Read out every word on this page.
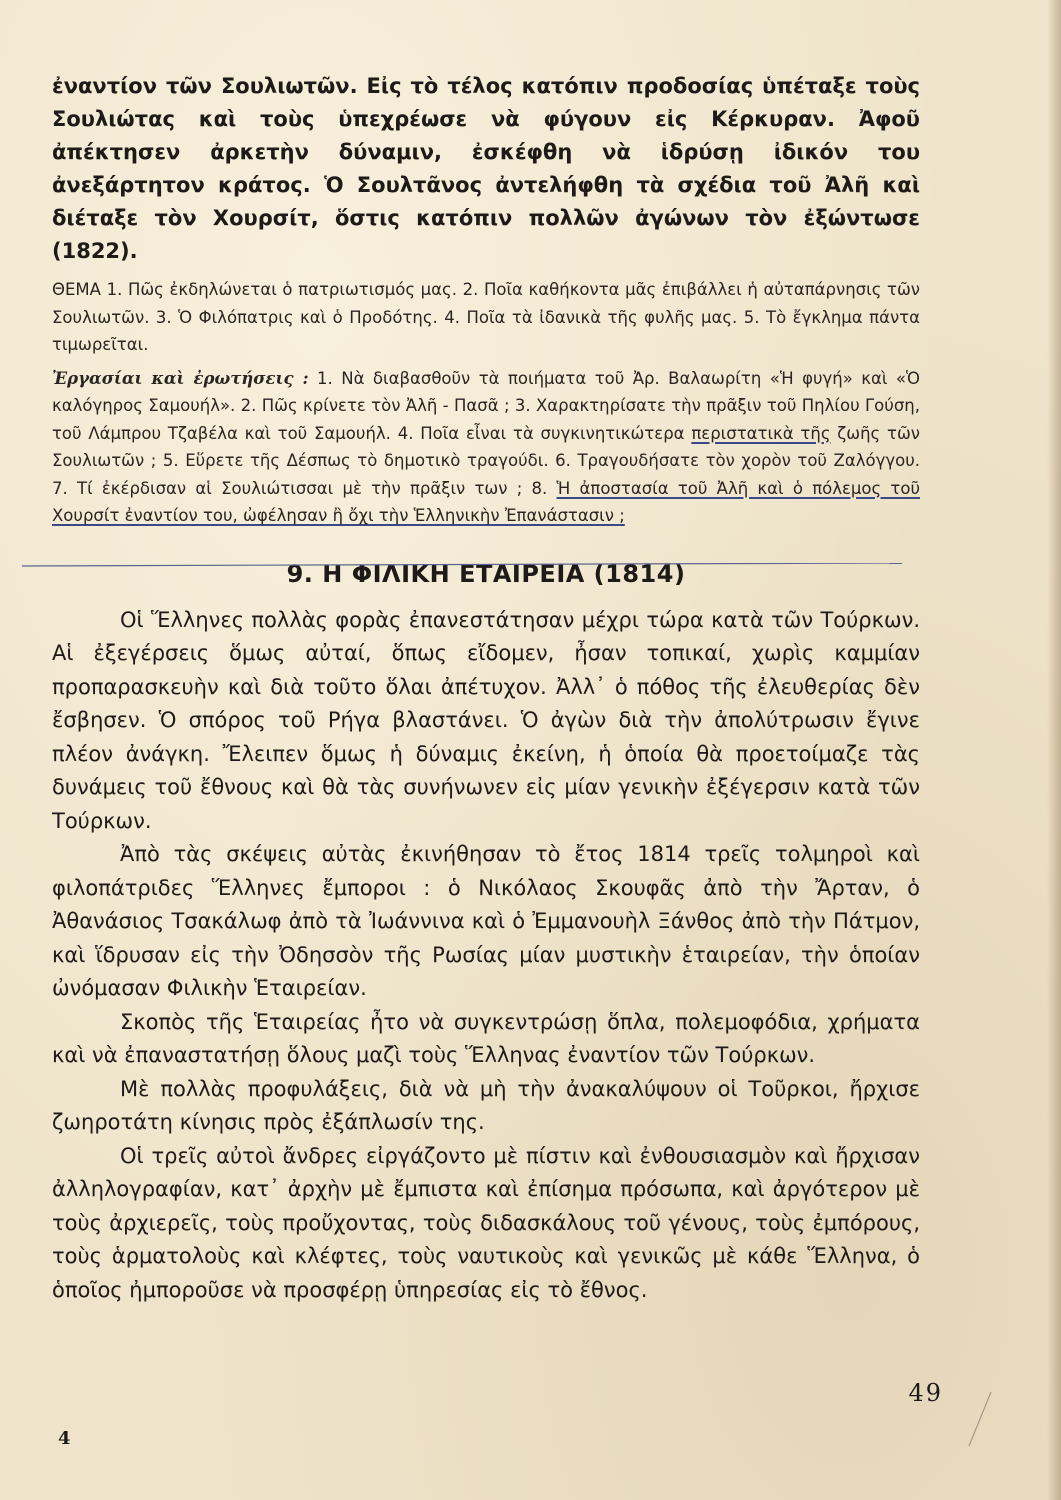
ἐναντίον τῶν Σουλιωτῶν. Εἰς τὸ τέλος κατόπιν προδοσίας ὑπέταξε τοὺς Σουλιώτας καὶ τοὺς ὑπεχρέωσε νὰ φύγουν εἰς Κέρκυραν. Ἀφοῦ ἀπέκτησεν ἀρκετὴν δύναμιν, ἐσκέφθη νὰ ἱδρύσῃ ἰδικόν του ἀνεξάρτητον κράτος. Ὁ Σουλτᾶνος ἀντελήφθη τὰ σχέδια τοῦ Ἀλῆ καὶ διέταξε τὸν Χουρσίτ, ὅστις κατόπιν πολλῶν ἀγώνων τὸν ἐξώντωσε (1822).

ΘΕΜΑ 1. Πῶς ἐκδηλώνεται ὁ πατριωτισμός μας. 2. Ποῖα καθήκοντα μᾶς ἐπιβάλλει ἡ αὐταπάρνησις τῶν Σουλιωτῶν. 3. Ὁ Φιλόπατρις καὶ ὁ Προδότης. 4. Ποῖα τὰ ἰδανικὰ τῆς φυλῆς μας. 5. Τὸ ἔγκλημα πάντα τιμωρεῖται.

Ἐργασίαι καὶ ἐρωτήσεις : 1. Νὰ διαβασθοῦν τὰ ποιήματα τοῦ Ἀρ. Βαλαωρίτη «Ἡ φυγή» καὶ «Ὁ καλόγηρος Σαμουήλ». 2. Πῶς κρίνετε τὸν Ἀλῆ - Πασᾶ ; 3. Χαρακτηρίσατε τὴν πρᾶξιν τοῦ Πηλίου Γούση, τοῦ Λάμπρου Τζαβέλα καὶ τοῦ Σαμουήλ. 4. Ποῖα εἶναι τὰ συγκινητικώτερα περιστατικὰ τῆς ζωῆς τῶν Σουλιωτῶν ; 5. Εὕρετε τῆς Δέσπως τὸ δημοτικὸ τραγούδι. 6. Τραγουδήσατε τὸν χορὸν τοῦ Ζαλόγγου. 7. Τί ἐκέρδισαν αἱ Σουλιώτισσαι μὲ τὴν πρᾶξιν των ; 8. Ἡ ἀποστασία τοῦ Ἀλῆ καὶ ὁ πόλεμος τοῦ Χουρσίτ ἐναντίον του, ὠφέλησαν ἢ ὄχι τὴν Ἑλληνικὴν Ἐπανάστασιν ;

9. Η ΦΙΛΙΚΗ ΕΤΑΙΡΕΙΑ (1814)

Οἱ Ἕλληνες πολλὰς φορὰς ἐπανεστάτησαν μέχρι τώρα κατὰ τῶν Τούρκων. Αἱ ἐξεγέρσεις ὅμως αὐταί, ὅπως εἴδομεν, ἦσαν τοπικαί, χωρὶς καμμίαν προπαρασκευὴν καὶ διὰ τοῦτο ὅλαι ἀπέτυχον. Ἀλλ᾽ ὁ πόθος τῆς ἐλευθερίας δὲν ἔσβησεν. Ὁ σπόρος τοῦ Ρήγα βλαστάνει. Ὁ ἀγὼν διὰ τὴν ἀπολύτρωσιν ἔγινε πλέον ἀνάγκη. Ἔλειπεν ὅμως ἡ δύναμις ἐκείνη, ἡ ὁποία θὰ προετοίμαζε τὰς δυνάμεις τοῦ ἔθνους καὶ θὰ τὰς συνήνωνεν εἰς μίαν γενικὴν ἐξέγερσιν κατὰ τῶν Τούρκων.

Ἀπὸ τὰς σκέψεις αὐτὰς ἐκινήθησαν τὸ ἔτος 1814 τρεῖς τολμηροὶ καὶ φιλοπάτριδες Ἕλληνες ἔμποροι : ὁ Νικόλαος Σκουφᾶς ἀπὸ τὴν Ἄρταν, ὁ Ἀθανάσιος Τσακάλωφ ἀπὸ τὰ Ἰωάννινα καὶ ὁ Ἐμμανουὴλ Ξάνθος ἀπὸ τὴν Πάτμον, καὶ ἵδρυσαν εἰς τὴν Ὀδησσὸν τῆς Ρωσίας μίαν μυστικὴν ἑταιρείαν, τὴν ὁποίαν ὠνόμασαν Φιλικὴν Ἑταιρείαν.

Σκοπὸς τῆς Ἑταιρείας ἦτο νὰ συγκεντρώσῃ ὅπλα, πολεμοφόδια, χρήματα καὶ νὰ ἐπαναστατήσῃ ὅλους μαζὶ τοὺς Ἕλληνας ἐναντίον τῶν Τούρκων.

Μὲ πολλὰς προφυλάξεις, διὰ νὰ μὴ τὴν ἀνακαλύψουν οἱ Τοῦρκοι, ἤρχισε ζωηροτάτη κίνησις πρὸς ἐξάπλωσίν της.

Οἱ τρεῖς αὐτοὶ ἄνδρες εἰργάζοντο μὲ πίστιν καὶ ἐνθουσιασμὸν καὶ ἤρχισαν ἀλληλογραφίαν, κατ᾽ ἀρχὴν μὲ ἔμπιστα καὶ ἐπίσημα πρόσωπα, καὶ ἀργότερον μὲ τοὺς ἀρχιερεῖς, τοὺς προὔχοντας, τοὺς διδασκάλους τοῦ γένους, τοὺς ἐμπόρους, τοὺς ἁρματολοὺς καὶ κλέφτες, τοὺς ναυτικοὺς καὶ γενικῶς μὲ κάθε Ἕλληνα, ὁ ὁποῖος ἠμποροῦσε νὰ προσφέρῃ ὑπηρεσίας εἰς τὸ ἔθνος.

49
4
